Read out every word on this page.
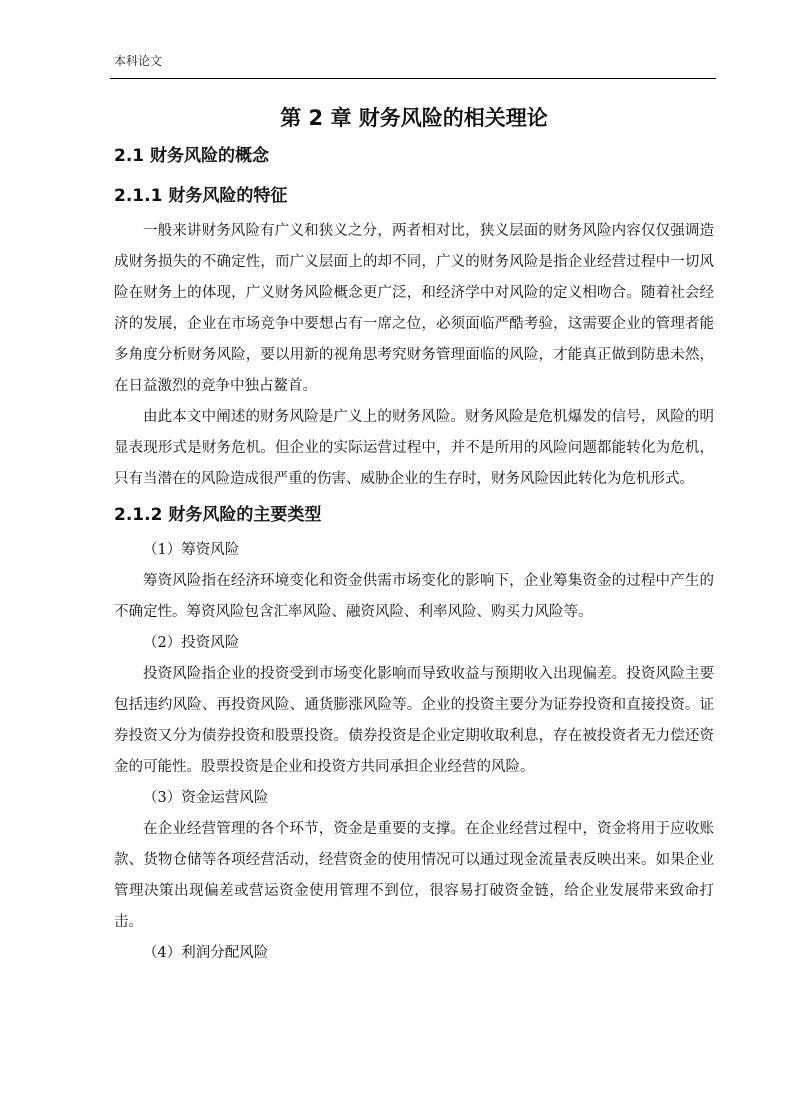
本科论文
第 2 章 财务风险的相关理论
2.1 财务风险的概念
2.1.1 财务风险的特征

一般来讲财务风险有广义和狭义之分，两者相对比，狭义层面的财务风险内容仅仅强调造成财务损失的不确定性，而广义层面上的却不同，广义的财务风险是指企业经营过程中一切风险在财务上的体现，广义财务风险概念更广泛，和经济学中对风险的定义相吻合。随着社会经济的发展，企业在市场竞争中要想占有一席之位，必须面临严酷考验，这需要企业的管理者能多角度分析财务风险，要以用新的视角思考究财务管理面临的风险，才能真正做到防患未然，在日益激烈的竞争中独占鳌首。

由此本文中阐述的财务风险是广义上的财务风险。财务风险是危机爆发的信号，风险的明显表现形式是财务危机。但企业的实际运营过程中，并不是所用的风险问题都能转化为危机，只有当潜在的风险造成很严重的伤害、威胁企业的生存时，财务风险因此转化为危机形式。

2.1.2 财务风险的主要类型

（1）筹资风险

筹资风险指在经济环境变化和资金供需市场变化的影响下，企业筹集资金的过程中产生的不确定性。筹资风险包含汇率风险、融资风险、利率风险、购买力风险等。

（2）投资风险

投资风险指企业的投资受到市场变化影响而导致收益与预期收入出现偏差。投资风险主要包括违约风险、再投资风险、通货膨涨风险等。企业的投资主要分为证券投资和直接投资。证券投资又分为债券投资和股票投资。债券投资是企业定期收取利息，存在被投资者无力偿还资金的可能性。股票投资是企业和投资方共同承担企业经营的风险。

（3）资金运营风险

在企业经营管理的各个环节，资金是重要的支撑。在企业经营过程中，资金将用于应收账款、货物仓储等各项经营活动，经营资金的使用情况可以通过现金流量表反映出来。如果企业管理决策出现偏差或营运资金使用管理不到位，很容易打破资金链，给企业发展带来致命打击。

（4）利润分配风险
